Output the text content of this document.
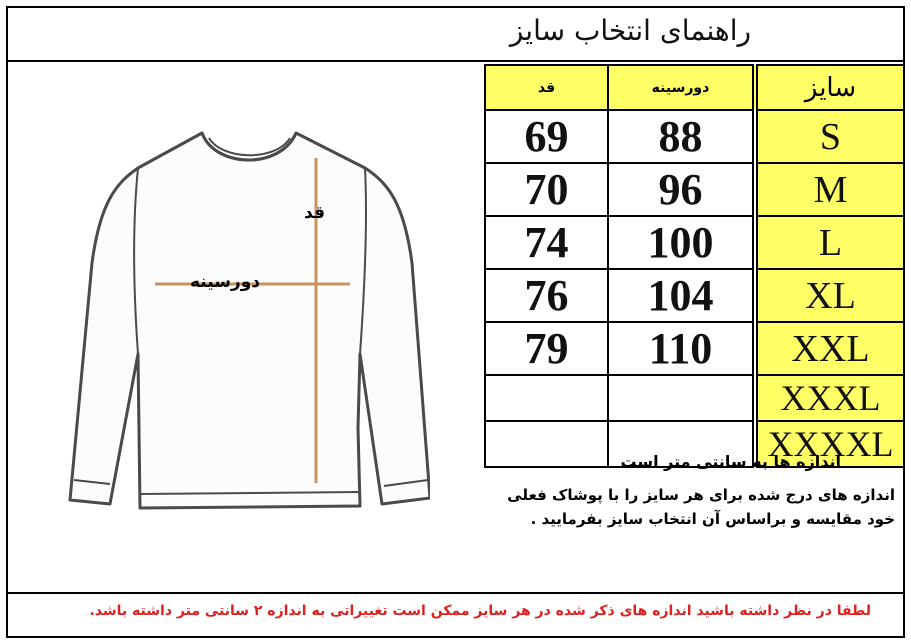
راهنمای انتخاب سایز
قد
دورسینه
قد	دورسینه		سایز
69	88		S
70	96		M
74	100		L
76	104		XL
79	110		XXL
			XXXL
			XXXXL
اندازه ها به سانتی متر است
اندازه های درج شده برای هر سایز را با پوشاک فعلی
خود مقایسه و براساس آن انتخاب سایز بفرمایید .
لطفا در نظر داشته باشید اندازه های ذکر شده در هر سایز ممکن است تغییراتی به اندازه ۲ سانتی متر داشته باشد.
